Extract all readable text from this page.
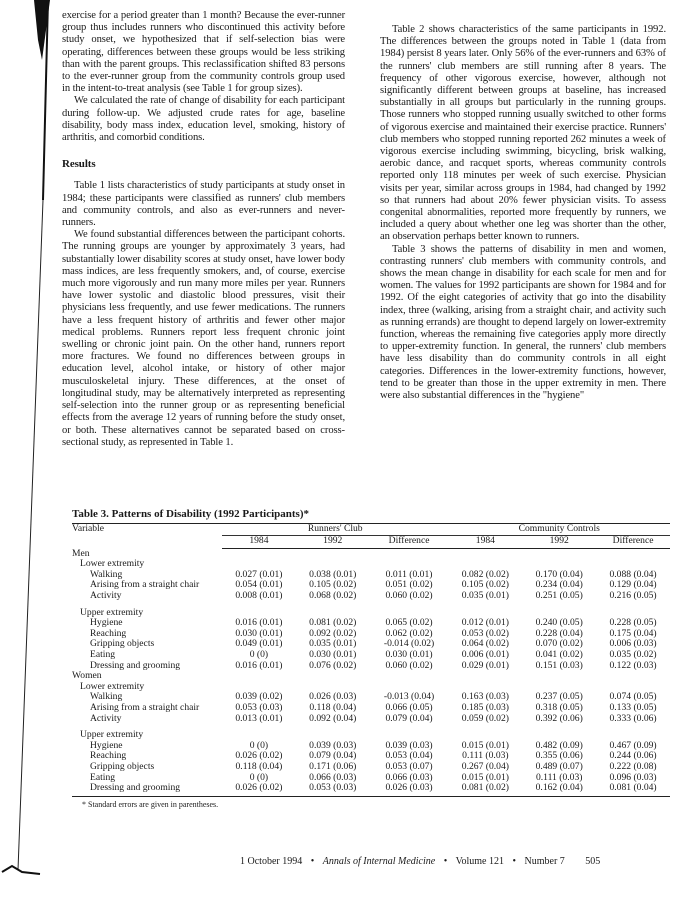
exercise for a period greater than 1 month? Because the ever-runner group thus includes runners who discontinued this activity before study onset, we hypothesized that if self-selection bias were operating, differences between these groups would be less striking than with the parent groups. This reclassification shifted 83 persons to the ever-runner group from the community controls group used in the intent-to-treat analysis (see Table 1 for group sizes).

We calculated the rate of change of disability for each participant during follow-up. We adjusted crude rates for age, baseline disability, body mass index, education level, smoking, history of arthritis, and comorbid conditions.

Results

Table 1 lists characteristics of study participants at study onset in 1984; these participants were classified as runners' club members and community controls, and also as ever-runners and never-runners.

We found substantial differences between the participant cohorts. The running groups are younger by approximately 3 years, had substantially lower disability scores at study onset, have lower body mass indices, are less frequently smokers, and, of course, exercise much more vigorously and run many more miles per year. Runners have lower systolic and diastolic blood pressures, visit their physicians less frequently, and use fewer medications. The runners have a less frequent history of arthritis and fewer other major medical problems. Runners report less frequent chronic joint swelling or chronic joint pain. On the other hand, runners report more fractures. We found no differences between groups in education level, alcohol intake, or history of other major musculoskeletal injury. These differences, at the onset of longitudinal study, may be alternatively interpreted as representing self-selection into the runner group or as representing beneficial effects from the average 12 years of running before the study onset, or both. These alternatives cannot be separated based on cross-sectional study, as represented in Table 1.

Table 2 shows characteristics of the same participants in 1992. The differences between the groups noted in Table 1 (data from 1984) persist 8 years later. Only 56% of the ever-runners and 63% of the runners' club members are still running after 8 years. The frequency of other vigorous exercise, however, although not significantly different between groups at baseline, has increased substantially in all groups but particularly in the running groups. Those runners who stopped running usually switched to other forms of vigorous exercise and maintained their exercise practice. Runners' club members who stopped running reported 262 minutes a week of vigorous exercise including swimming, bicycling, brisk walking, aerobic dance, and racquet sports, whereas community controls reported only 118 minutes per week of such exercise. Physician visits per year, similar across groups in 1984, had changed by 1992 so that runners had about 20% fewer physician visits. To assess congenital abnormalities, reported more frequently by runners, we included a query about whether one leg was shorter than the other, an observation perhaps better known to runners.

Table 3 shows the patterns of disability in men and women, contrasting runners' club members with community controls, and shows the mean change in disability for each scale for men and for women. The values for 1992 participants are shown for 1984 and for 1992. Of the eight categories of activity that go into the disability index, three (walking, arising from a straight chair, and activity such as running errands) are thought to depend largely on lower-extremity function, whereas the remaining five categories apply more directly to upper-extremity function. In general, the runners' club members have less disability than do community controls in all eight categories. Differences in the lower-extremity functions, however, tend to be greater than those in the upper extremity in men. There were also substantial differences in the "hygiene"

Table 3. Patterns of Disability (1992 Participants)*
Variable	Runners' Club			Community Controls		
	1984	1992	Difference	1984	1992	Difference
Men						
Lower extremity						
Walking	0.027 (0.01)	0.038 (0.01)	0.011 (0.01)	0.082 (0.02)	0.170 (0.04)	0.088 (0.04)
Arising from a straight chair	0.054 (0.01)	0.105 (0.02)	0.051 (0.02)	0.105 (0.02)	0.234 (0.04)	0.129 (0.04)
Activity	0.008 (0.01)	0.068 (0.02)	0.060 (0.02)	0.035 (0.01)	0.251 (0.05)	0.216 (0.05)

Upper extremity						
Hygiene	0.016 (0.01)	0.081 (0.02)	0.065 (0.02)	0.012 (0.01)	0.240 (0.05)	0.228 (0.05)
Reaching	0.030 (0.01)	0.092 (0.02)	0.062 (0.02)	0.053 (0.02)	0.228 (0.04)	0.175 (0.04)
Gripping objects	0.049 (0.01)	0.035 (0.01)	-0.014 (0.02)	0.064 (0.02)	0.070 (0.02)	0.006 (0.03)
Eating	0 (0)	0.030 (0.01)	0.030 (0.01)	0.006 (0.01)	0.041 (0.02)	0.035 (0.02)
Dressing and grooming	0.016 (0.01)	0.076 (0.02)	0.060 (0.02)	0.029 (0.01)	0.151 (0.03)	0.122 (0.03)
Women						
Lower extremity						
Walking	0.039 (0.02)	0.026 (0.03)	-0.013 (0.04)	0.163 (0.03)	0.237 (0.05)	0.074 (0.05)
Arising from a straight chair	0.053 (0.03)	0.118 (0.04)	0.066 (0.05)	0.185 (0.03)	0.318 (0.05)	0.133 (0.05)
Activity	0.013 (0.01)	0.092 (0.04)	0.079 (0.04)	0.059 (0.02)	0.392 (0.06)	0.333 (0.06)

Upper extremity						
Hygiene	0 (0)	0.039 (0.03)	0.039 (0.03)	0.015 (0.01)	0.482 (0.09)	0.467 (0.09)
Reaching	0.026 (0.02)	0.079 (0.04)	0.053 (0.04)	0.111 (0.03)	0.355 (0.06)	0.244 (0.06)
Gripping objects	0.118 (0.04)	0.171 (0.06)	0.053 (0.07)	0.267 (0.04)	0.489 (0.07)	0.222 (0.08)
Eating	0 (0)	0.066 (0.03)	0.066 (0.03)	0.015 (0.01)	0.111 (0.03)	0.096 (0.03)
Dressing and grooming	0.026 (0.02)	0.053 (0.03)	0.026 (0.03)	0.081 (0.02)	0.162 (0.04)	0.081 (0.04)
* Standard errors are given in parentheses.
1 October 1994 • Annals of Internal Medicine • Volume 121 • Number 7 505
